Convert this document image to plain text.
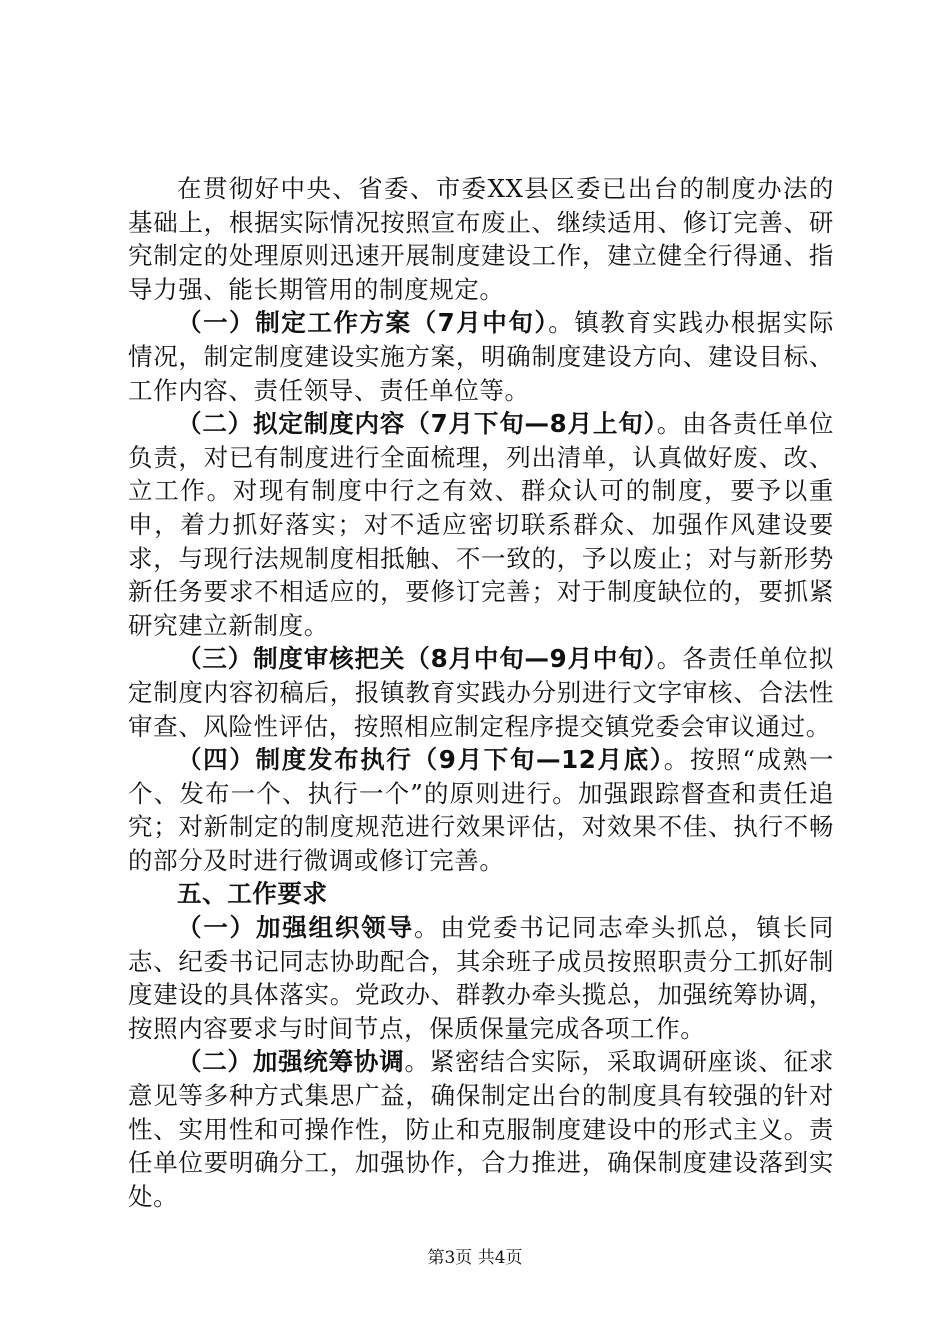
在贯彻好中央、省委、市委XX县区委已出台的制度办法的基础上，根据实际情况按照宣布废止、继续适用、修订完善、研究制定的处理原则迅速开展制度建设工作，建立健全行得通、指导力强、能长期管用的制度规定。

（一）制定工作方案（7月中旬）。镇教育实践办根据实际情况，制定制度建设实施方案，明确制度建设方向、建设目标、工作内容、责任领导、责任单位等。

（二）拟定制度内容（7月下旬—8月上旬）。由各责任单位负责，对已有制度进行全面梳理，列出清单，认真做好废、改、立工作。对现有制度中行之有效、群众认可的制度，要予以重申，着力抓好落实；对不适应密切联系群众、加强作风建设要求，与现行法规制度相抵触、不一致的，予以废止；对与新形势新任务要求不相适应的，要修订完善；对于制度缺位的，要抓紧研究建立新制度。

（三）制度审核把关（8月中旬—9月中旬）。各责任单位拟定制度内容初稿后，报镇教育实践办分别进行文字审核、合法性审查、风险性评估，按照相应制定程序提交镇党委会审议通过。

（四）制度发布执行（9月下旬—12月底）。按照“成熟一个、发布一个、执行一个”的原则进行。加强跟踪督查和责任追究；对新制定的制度规范进行效果评估，对效果不佳、执行不畅的部分及时进行微调或修订完善。

五、工作要求

（一）加强组织领导。由党委书记同志牵头抓总，镇长同志、纪委书记同志协助配合，其余班子成员按照职责分工抓好制度建设的具体落实。党政办、群教办牵头揽总，加强统筹协调，按照内容要求与时间节点，保质保量完成各项工作。

（二）加强统筹协调。紧密结合实际，采取调研座谈、征求意见等多种方式集思广益，确保制定出台的制度具有较强的针对性、实用性和可操作性，防止和克服制度建设中的形式主义。责任单位要明确分工，加强协作，合力推进，确保制度建设落到实处。

第3页 共4页
